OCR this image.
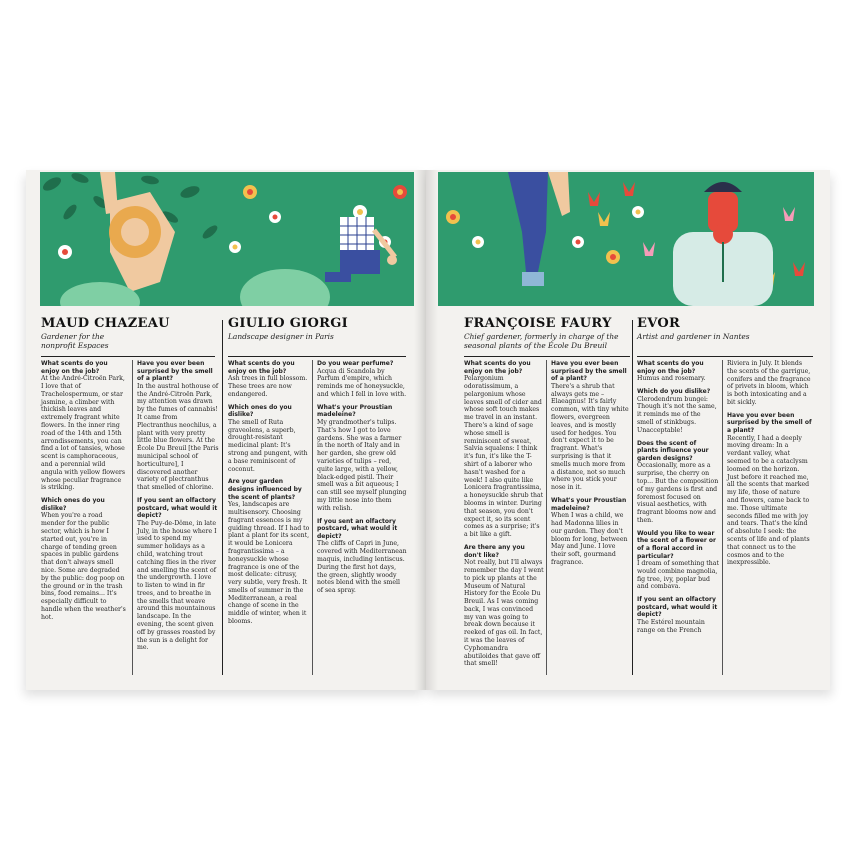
MAUD CHAZEAU
Gardener for the nonprofit Espaces
What scents do you enjoy on the job?
At the André-Citroën Park, I love that of Trachelospermum, or star jasmine, a climber with thickish leaves and extremely fragrant white flowers. In the inner ring road of the 14th and 15th arrondissements, you can find a lot of tansies, whose scent is camphoraceous, and a perennial wild angula with yellow flowers whose peculiar fragrance is striking.
Which ones do you dislike?
When you're a road mender for the public sector, which is how I started out, you're in charge of tending green spaces in public gardens that don't always smell nice. Some are degraded by the public: dog poop on the ground or in the trash bins, food remains... It's especially difficult to handle when the weather's hot.
Have you ever been surprised by the smell of a plant?
In the austral hothouse of the André-Citroën Park, my attention was drawn by the fumes of cannabis! It came from Plectranthus neochilus, a plant with very pretty little blue flowers. At the École Du Breuil [the Paris municipal school of horticulture], I discovered another variety of plectranthus that smelled of chlorine.
If you sent an olfactory postcard, what would it depict?
The Puy-de-Dôme, in late July, in the house where I used to spend my summer holidays as a child, watching trout catching flies in the river and smelling the scent of the undergrowth. I love to listen to wind in fir trees, and to breathe in the smells that weave around this mountainous landscape. In the evening, the scent given off by grasses roasted by the sun is a delight for me.
GIULIO GIORGI
Landscape designer in Paris
What scents do you enjoy on the job?
Ash trees in full blossom. These trees are now endangered.
Which ones do you dislike?
The smell of Ruta graveolens, a superb, drought-resistant medicinal plant: It's strong and pungent, with a base reminiscent of coconut.
Are your garden designs influenced by the scent of plants?
Yes, landscapes are multisensory. Choosing fragrant essences is my guiding thread. If I had to plant a plant for its scent, it would be Lonicera fragrantissima – a honeysuckle whose fragrance is one of the most delicate: citrusy, very subtle, very fresh. It smells of summer in the Mediterranean, a real change of scene in the middle of winter, when it blooms.
Do you wear perfume?
Acqua di Scandola by Parfum d'empire, which reminds me of honeysuckle, and which I fell in love with.
What's your Proustian madeleine?
My grandmother's tulips. That's how I got to love gardens. She was a farmer in the north of Italy and in her garden, she grew old varieties of tulips – red, quite large, with a yellow, black-edged pistil. Their smell was a bit aqueous; I can still see myself plunging my little nose into them with relish.
If you sent an olfactory postcard, what would it depict?
The cliffs of Capri in June, covered with Mediterranean maquis, including lentiscus. During the first hot days, the green, slightly woody notes blend with the smell of sea spray.
FRANÇOISE FAURY
Chief gardener, formerly in charge of the seasonal plants of the École Du Breuil
What scents do you enjoy on the job?
Pelargonium odoratissimum, a pelargonium whose leaves smell of cider and whose soft touch makes me travel in an instant. There's a kind of sage whose smell is reminiscent of sweat, Salvia squalens: I think it's fun, it's like the T-shirt of a laborer who hasn't washed for a week! I also quite like Lonicera fragrantissima, a honeysuckle shrub that blooms in winter. During that season, you don't expect it, so its scent comes as a surprise; it's a bit like a gift.
Are there any you don't like?
Not really, but I'll always remember the day I went to pick up plants at the Museum of Natural History for the École Du Breuil. As I was coming back, I was convinced my van was going to break down because it reeked of gas oil. In fact, it was the leaves of Cyphomandra abutiloides that gave off that smell!
Have you ever been surprised by the smell of a plant?
There's a shrub that always gets me – Elaeagnus! It's fairly common, with tiny white flowers, evergreen leaves, and is mostly used for hedges. You don't expect it to be fragrant. What's surprising is that it smells much more from a distance, not so much where you stick your nose in it.
What's your Proustian madeleine?
When I was a child, we had Madonna lilies in our garden. They don't bloom for long, between May and June. I love their soft, gourmand fragrance.
EVOR
Artist and gardener in Nantes
What scents do you enjoy on the job?
Humus and rosemary.
Which do you dislike?
Clerodendrum bungei: Though it's not the same, it reminds me of the smell of stinkbugs. Unacceptable!
Does the scent of plants influence your garden designs?
Occasionally, more as a surprise, the cherry on top... But the composition of my gardens is first and foremost focused on visual aesthetics, with fragrant blooms now and then.
Would you like to wear the scent of a flower or of a floral accord in particular?
I dream of something that would combine magnolia, fig tree, ivy, poplar bud and combava.
If you sent an olfactory postcard, what would it depict?
The Estérel mountain range on the French
Riviera in July. It blends the scents of the garrigue, conifers and the fragrance of privets in bloom, which is both intoxicating and a bit sickly.
Have you ever been surprised by the smell of a plant?
Recently, I had a deeply moving dream: In a verdant valley, what seemed to be a cataclysm loomed on the horizon. Just before it reached me, all the scents that marked my life, those of nature and flowers, came back to me. Those ultimate seconds filled me with joy and tears. That's the kind of absolute I seek: the scents of life and of plants that connect us to the cosmos and to the inexpressible.
